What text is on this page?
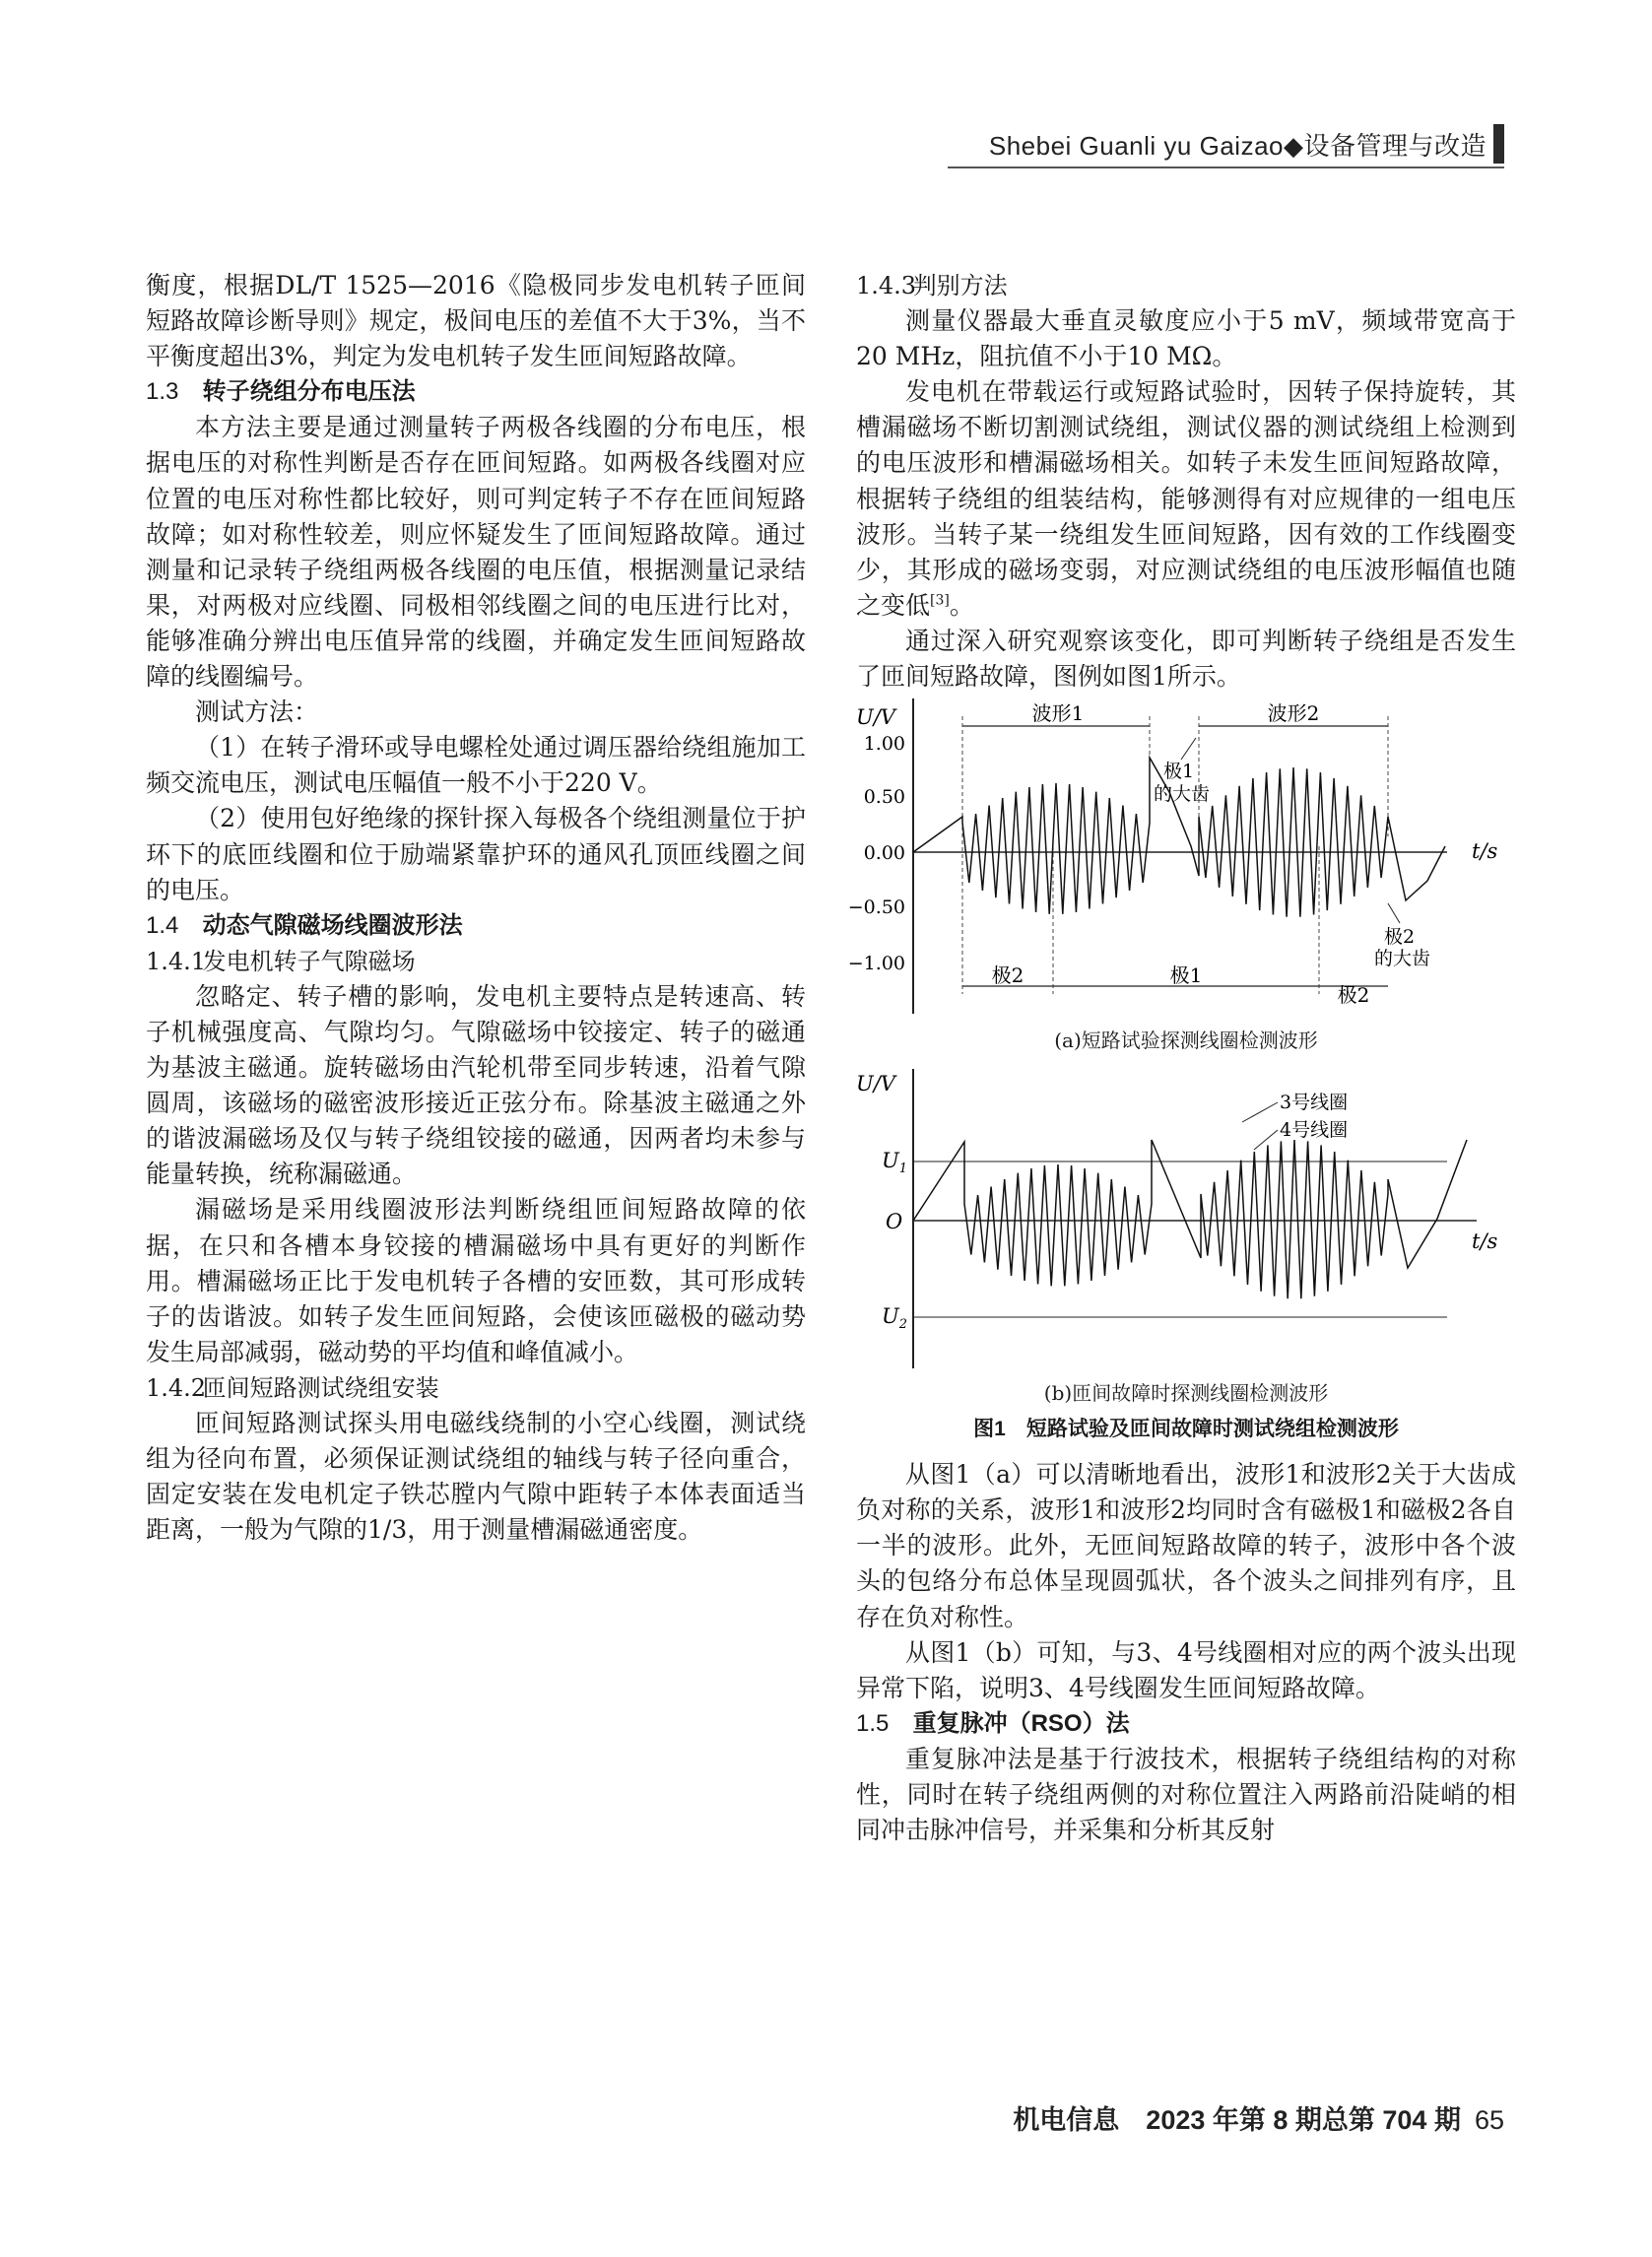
Shebei Guanli yu Gaizao◆设备管理与改造

衡度，根据DL/T 1525—2016《隐极同步发电机转子匝间短路故障诊断导则》规定，极间电压的差值不大于3%，当不平衡度超出3%，判定为发电机转子发生匝间短路故障。

1.3 转子绕组分布电压法

本方法主要是通过测量转子两极各线圈的分布电压，根据电压的对称性判断是否存在匝间短路。如两极各线圈对应位置的电压对称性都比较好，则可判定转子不存在匝间短路故障；如对称性较差，则应怀疑发生了匝间短路故障。通过测量和记录转子绕组两极各线圈的电压值，根据测量记录结果，对两极对应线圈、同极相邻线圈之间的电压进行比对，能够准确分辨出电压值异常的线圈，并确定发生匝间短路故障的线圈编号。

测试方法：

（1）在转子滑环或导电螺栓处通过调压器给绕组施加工频交流电压，测试电压幅值一般不小于220 V。

（2）使用包好绝缘的探针探入每极各个绕组测量位于护环下的底匝线圈和位于励端紧靠护环的通风孔顶匝线圈之间的电压。

1.4 动态气隙磁场线圈波形法
1.4.1发电机转子气隙磁场

忽略定、转子槽的影响，发电机主要特点是转速高、转子机械强度高、气隙均匀。气隙磁场中铰接定、转子的磁通为基波主磁通。旋转磁场由汽轮机带至同步转速，沿着气隙圆周，该磁场的磁密波形接近正弦分布。除基波主磁通之外的谐波漏磁场及仅与转子绕组铰接的磁通，因两者均未参与能量转换，统称漏磁通。

漏磁场是采用线圈波形法判断绕组匝间短路故障的依据，在只和各槽本身铰接的槽漏磁场中具有更好的判断作用。槽漏磁场正比于发电机转子各槽的安匝数，其可形成转子的齿谐波。如转子发生匝间短路，会使该匝磁极的磁动势发生局部减弱，磁动势的平均值和峰值减小。

1.4.2匝间短路测试绕组安装

匝间短路测试探头用电磁线绕制的小空心线圈，测试绕组为径向布置，必须保证测试绕组的轴线与转子径向重合，固定安装在发电机定子铁芯膛内气隙中距转子本体表面适当距离，一般为气隙的1/3，用于测量槽漏磁通密度。

1.4.3判别方法

测量仪器最大垂直灵敏度应小于5 mV，频域带宽高于20 MHz，阻抗值不小于10 MΩ。

发电机在带载运行或短路试验时，因转子保持旋转，其槽漏磁场不断切割测试绕组，测试仪器的测试绕组上检测到的电压波形和槽漏磁场相关。如转子未发生匝间短路故障，根据转子绕组的组装结构，能够测得有对应规律的一组电压波形。当转子某一绕组发生匝间短路，因有效的工作线圈变少，其形成的磁场变弱，对应测试绕组的电压波形幅值也随之变低[3]。

通过深入研究观察该变化，即可判断转子绕组是否发生了匝间短路故障，图例如图1所示。

U/V
1.00
0.50
0.00
−0.50
−1.00
t/s
波形1	波形2
极1
的大齿
极2
的大齿
极2	极1
极2
(a)短路试验探测线圈检测波形
U/V
$U_1$
O
$U_2$
t/s
3号线圈
4号线圈
(b)匝间故障时探测线圈检测波形
图1　短路试验及匝间故障时测试绕组检测波形

从图1（a）可以清晰地看出，波形1和波形2关于大齿成负对称的关系，波形1和波形2均同时含有磁极1和磁极2各自一半的波形。此外，无匝间短路故障的转子，波形中各个波头的包络分布总体呈现圆弧状，各个波头之间排列有序，且存在负对称性。

从图1（b）可知，与3、4号线圈相对应的两个波头出现异常下陷，说明3、4号线圈发生匝间短路故障。

1.5 重复脉冲（RSO）法

重复脉冲法是基于行波技术，根据转子绕组结构的对称性，同时在转子绕组两侧的对称位置注入两路前沿陡峭的相同冲击脉冲信号，并采集和分析其反射

机电信息　2023 年第 8 期总第 704 期 65
